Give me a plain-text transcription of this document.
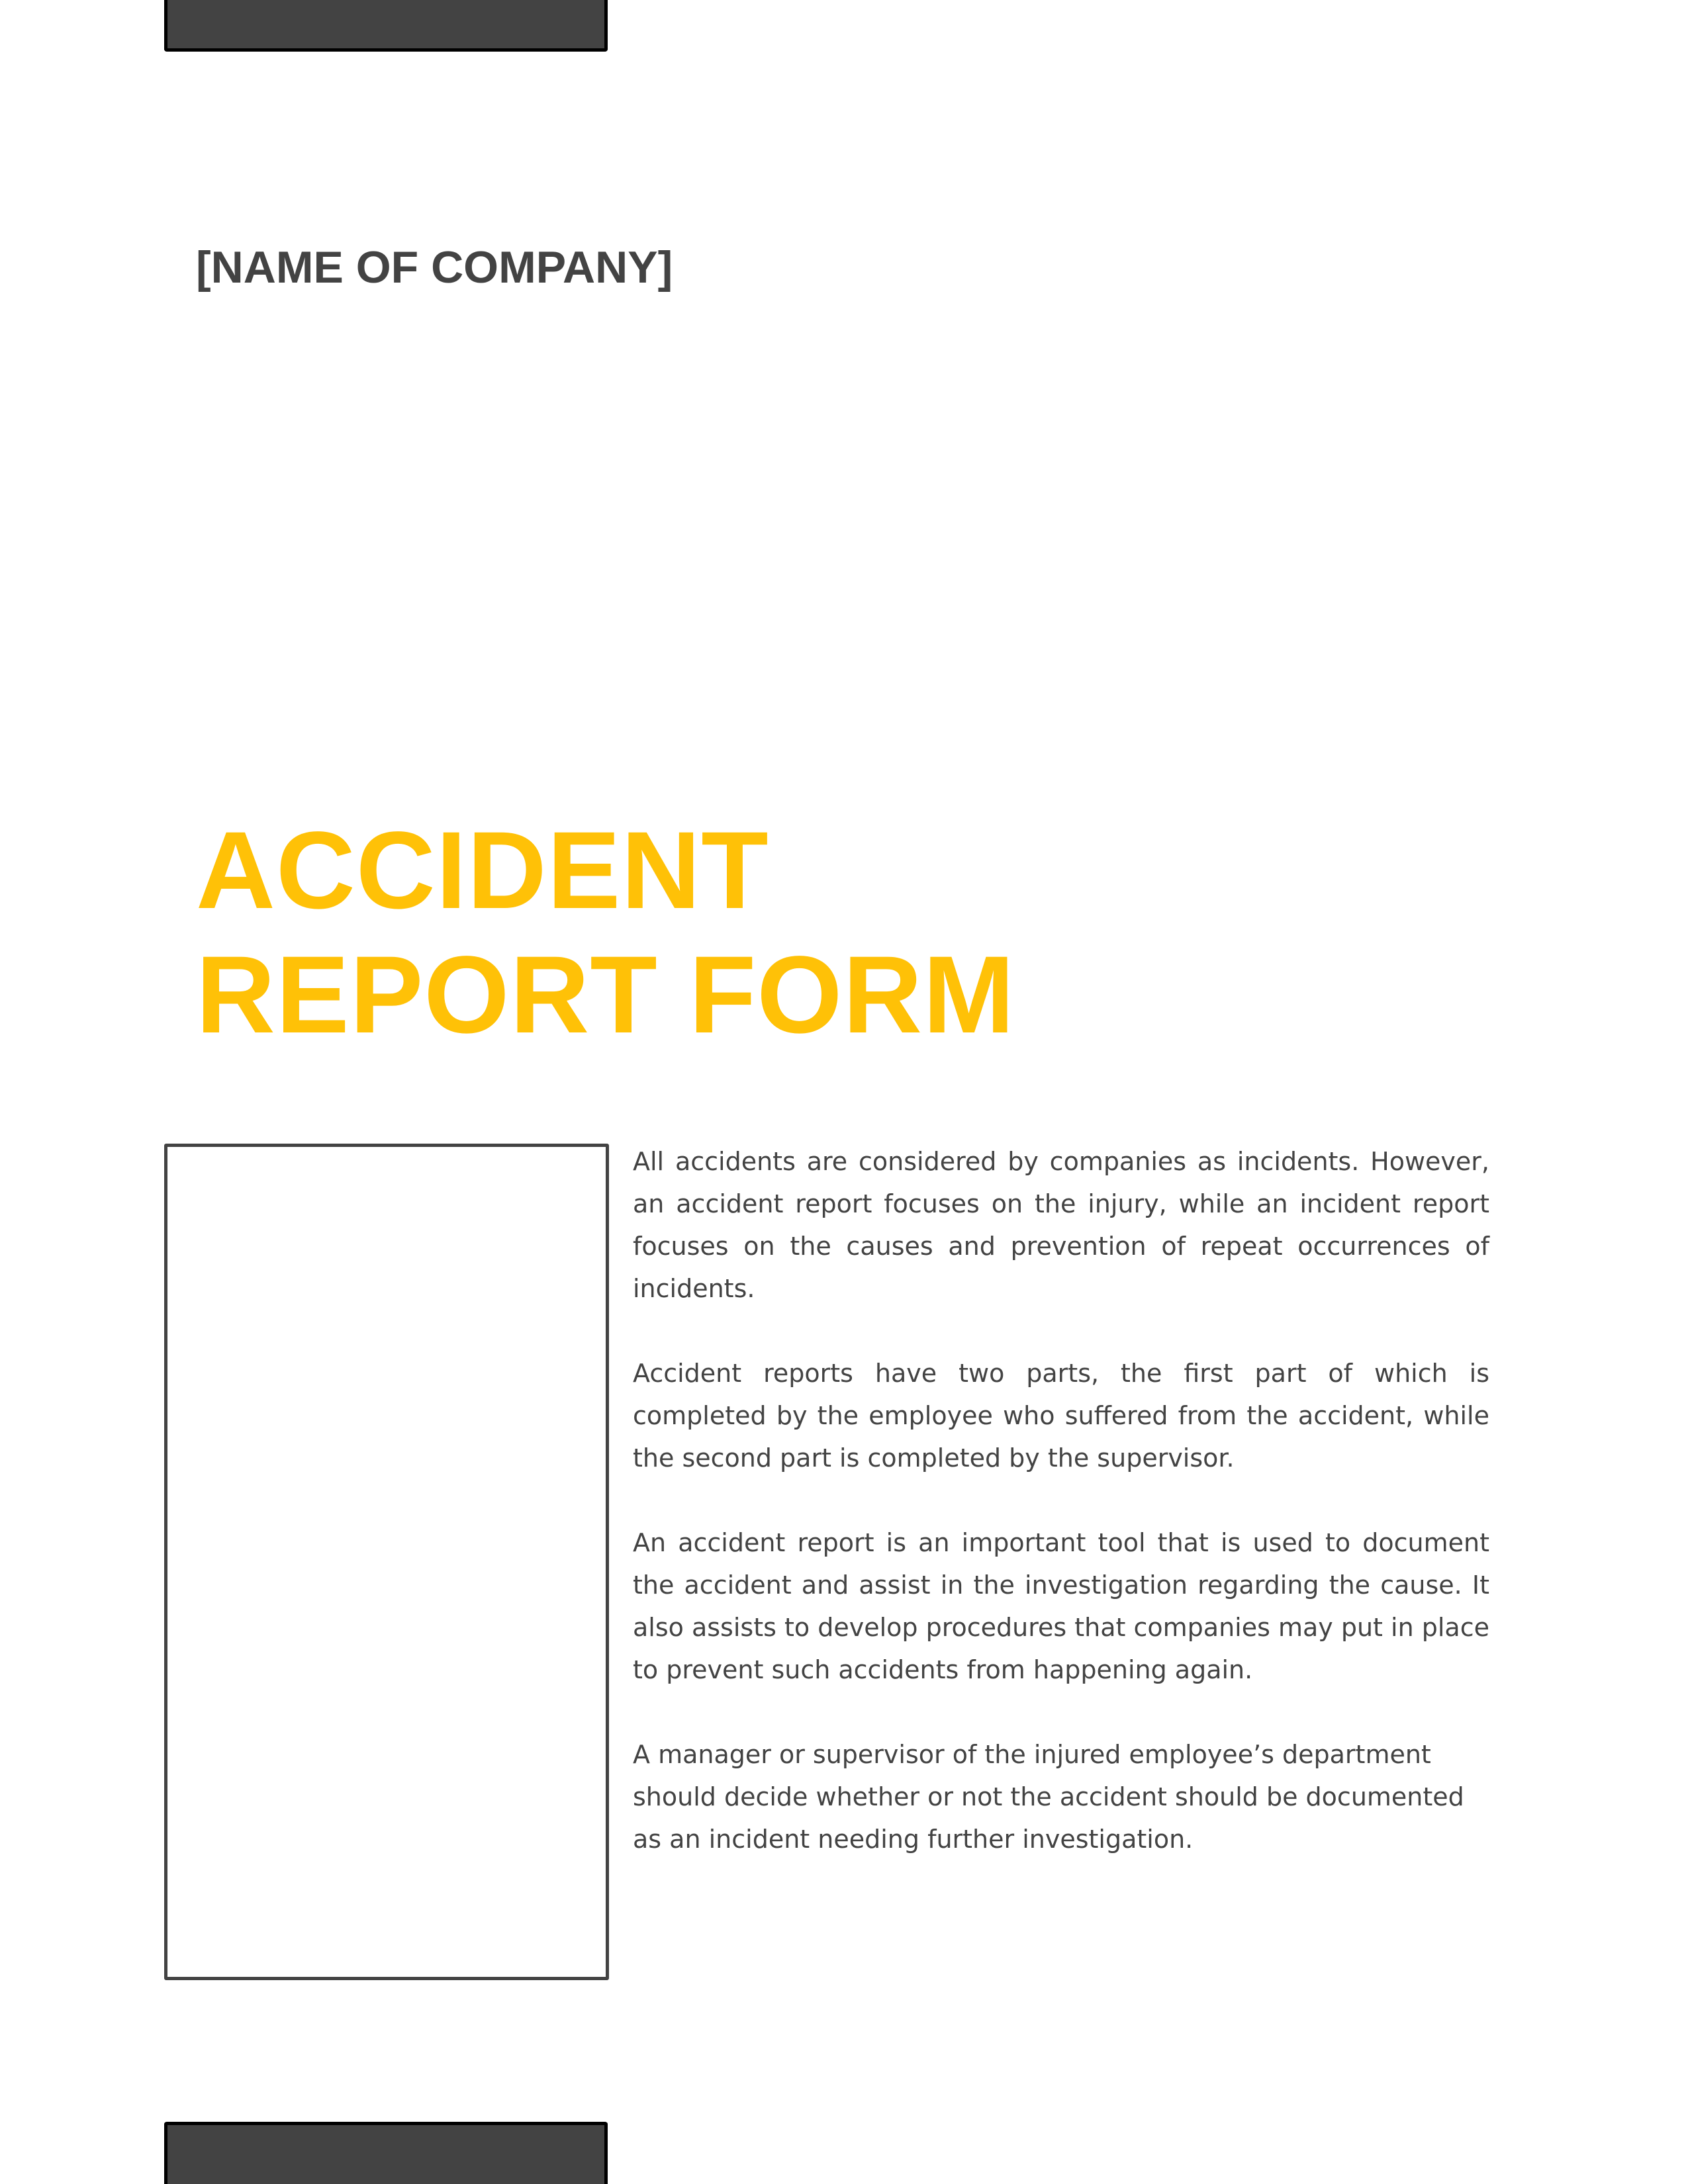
[NAME OF COMPANY]
ACCIDENT
REPORT FORM

All accidents are considered by companies as incidents. However, an accident report focuses on the injury, while an incident report focuses on the causes and prevention of repeat occurrences of incidents.

Accident reports have two parts, the first part of which is completed by the employee who suffered from the accident, while the second part is completed by the supervisor.

An accident report is an important tool that is used to document the accident and assist in the investigation regarding the cause. It also assists to develop procedures that companies may put in place to prevent such accidents from happening again.

A manager or supervisor of the injured employee’s department should decide whether or not the accident should be documented as an incident needing further investigation.
